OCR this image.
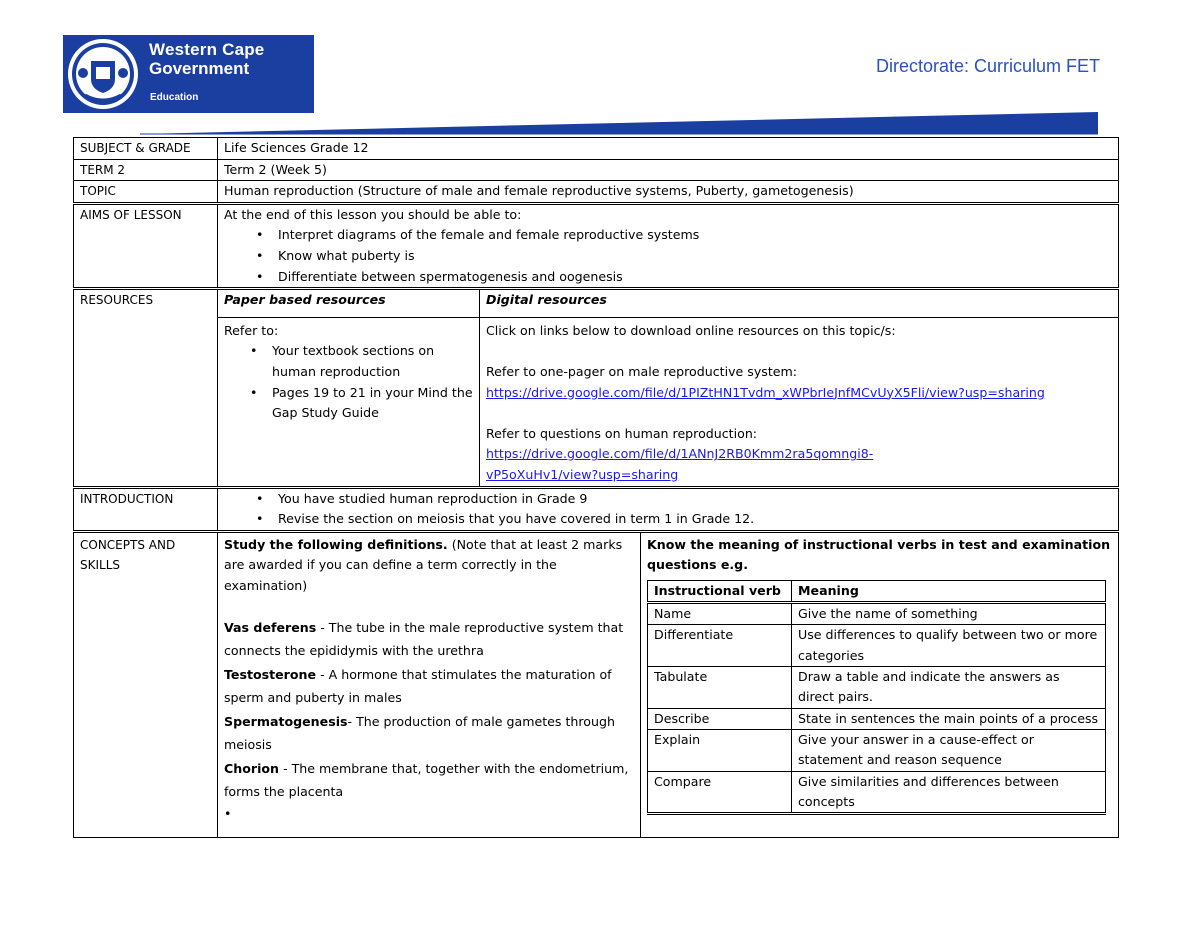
Western Cape
Government
Education
Directorate: Curriculum FET
SUBJECT & GRADE	Life Sciences Grade 12
TERM 2	Term 2 (Week 5)
TOPIC	Human reproduction (Structure of male and female reproductive systems, Puberty, gametogenesis)
AIMS OF LESSON	At the end of this lesson you should be able to:
• Interpret diagrams of the female and female reproductive systems
• Know what puberty is
• Differentiate between spermatogenesis and oogenesis

RESOURCES	Paper based resources	Digital resources

Refer to:
• Your textbook sections on human reproduction
• Pages 19 to 21 in your Mind the Gap Study Guide

Click on links below to download online resources on this topic/s:
Refer to one-pager on male reproductive system:
https://drive.google.com/file/d/1PIZtHN1Tvdm_xWPbrIeJnfMCvUyX5Fli/view?usp=sharing
Refer to questions on human reproduction:
https://drive.google.com/file/d/1ANnJ2RB0Kmm2ra5qomngi8-
vP5oXuHv1/view?usp=sharing

INTRODUCTION	
•You have studied human reproduction in Grade 9
• Revise the section on meiosis that you have covered in term 1 in Grade 12.

CONCEPTS AND
SKILLS

Study the following definitions. (Note that at least 2 marks are awarded if you can define a term correctly in the examination)
Vas deferens - The tube in the male reproductive system that connects the epididymis with the urethra
Testosterone - A hormone that stimulates the maturation of sperm and puberty in males
Spermatogenesis- The production of male gametes through meiosis
Chorion - The membrane that, together with the endometrium, forms the placenta
•

Know the meaning of instructional verbs in test and examination questions e.g.
Instructional verb	Meaning
Name	Give the name of something
Differentiate	Use differences to qualify between two or more categories
Tabulate	Draw a table and indicate the answers as direct pairs.
Describe	State in sentences the main points of a process
Explain	Give your answer in a cause-effect or statement and reason sequence
Compare	Give similarities and differences between concepts
